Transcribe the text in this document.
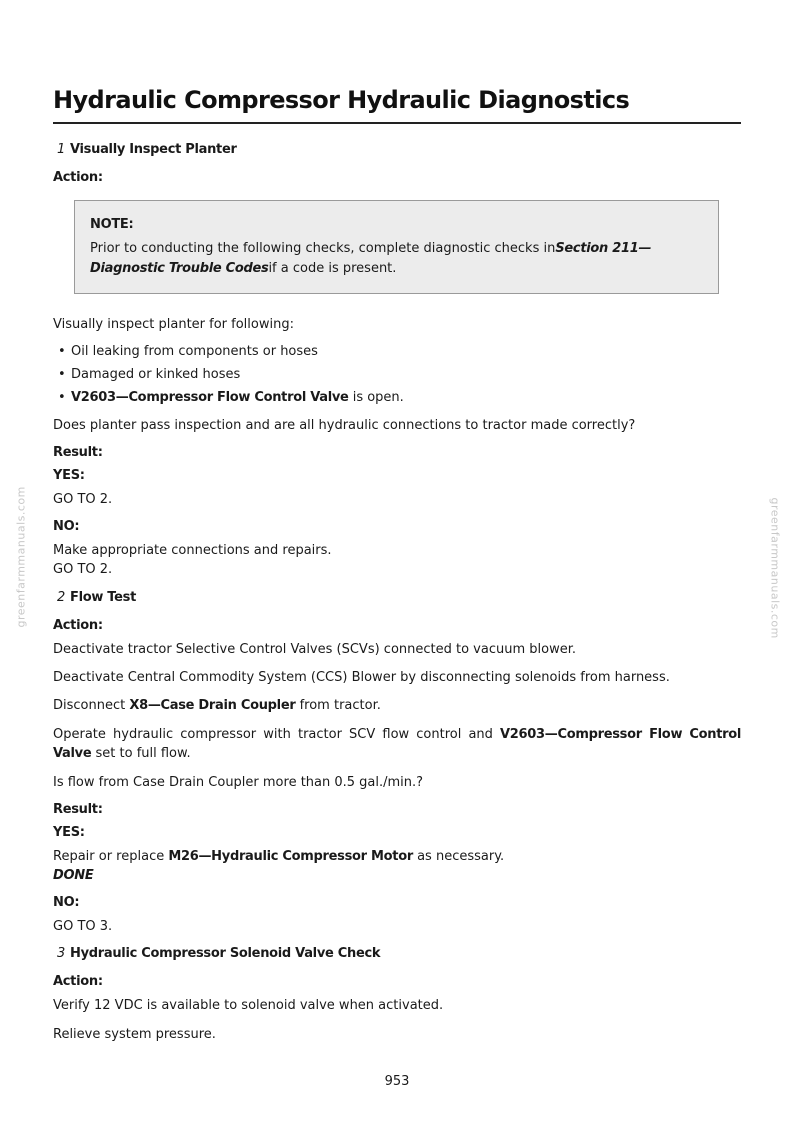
Hydraulic Compressor Hydraulic Diagnostics
1 Visually Inspect Planter
Action:
NOTE:
Prior to conducting the following checks, complete diagnostic checks inSection 211—Diagnostic Trouble Codesif a code is present.
Visually inspect planter for following:
• Oil leaking from components or hoses
• Damaged or kinked hoses
• V2603—Compressor Flow Control Valve is open.
Does planter pass inspection and are all hydraulic connections to tractor made correctly?
Result:
YES:
GO TO 2.
NO:
Make appropriate connections and repairs.
GO TO 2.
2 Flow Test
Action:
Deactivate tractor Selective Control Valves (SCVs) connected to vacuum blower.
Deactivate Central Commodity System (CCS) Blower by disconnecting solenoids from harness.
Disconnect X8—Case Drain Coupler from tractor.
Operate hydraulic compressor with tractor SCV flow control and V2603—Compressor Flow Control Valve set to full flow.
Is flow from Case Drain Coupler more than 0.5 gal./min.?
Result:
YES:
Repair or replace M26—Hydraulic Compressor Motor as necessary.
DONE
NO:
GO TO 3.
3 Hydraulic Compressor Solenoid Valve Check
Action:
Verify 12 VDC is available to solenoid valve when activated.
Relieve system pressure.
greenfarmmanuals.com	greenfarmmanuals.com
953
